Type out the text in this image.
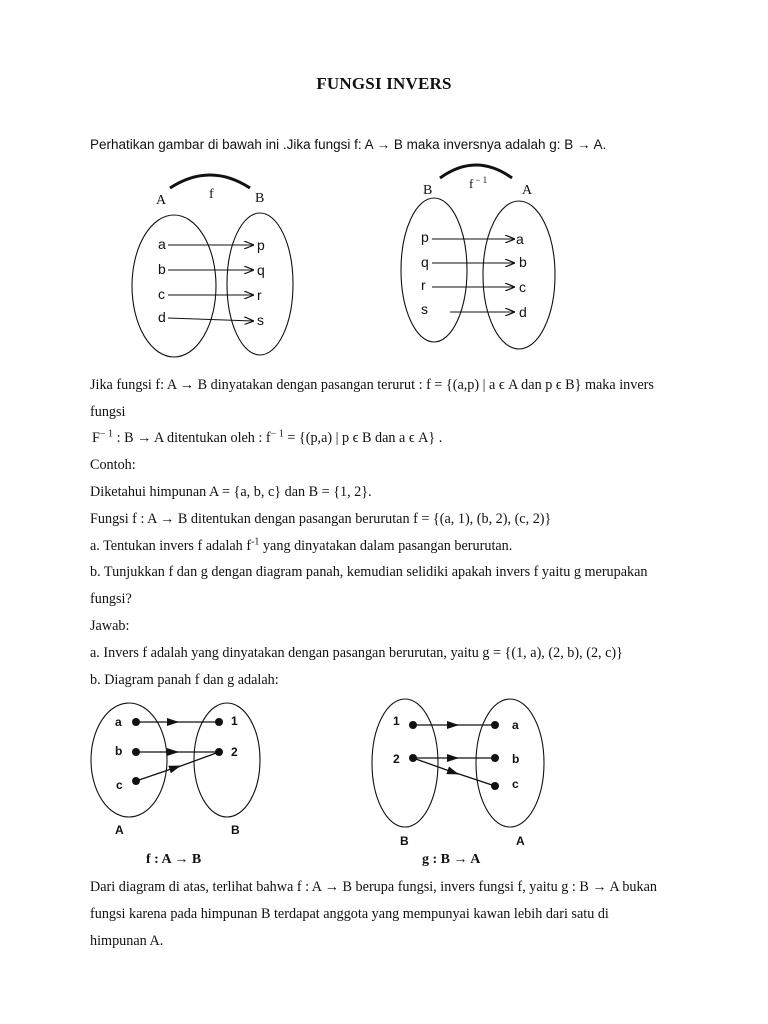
FUNGSI INVERS
Perhatikan gambar di bawah ini .Jika fungsi f: A → B maka inversnya adalah g: B → A.
A	f	B
a
b
c
d
p
q
r
s
B	f $^{- 1}$
A
p
q
r
s
a
b
c
d
a
b
c
1
2
A	B
1
2
a
b
c
B	A
Jika fungsi f: A → B dinyatakan dengan pasangan terurut : f = {(a,p) | a ϵ A dan p ϵ B} maka invers
fungsi
$F^{- 1}$ : B → A ditentukan oleh : $f^{- 1} = \{(p,a)$ | p ϵ B dan a ϵ A} .
Contoh:
Diketahui himpunan A = {a, b, c} dan B = {1, 2}.
Fungsi f : A → B ditentukan dengan pasangan berurutan f = {(a, 1), (b, 2), (c, 2)}
a. Tentukan invers f adalah $f^{-1}$ yang dinyatakan dalam pasangan berurutan.
b. Tunjukkan f dan g dengan diagram panah, kemudian selidiki apakah invers f yaitu g merupakan
fungsi?
Jawab:
a. Invers f adalah yang dinyatakan dengan pasangan berurutan, yaitu g = {(1, a), (2, b), (2, c)}
b. Diagram panah f dan g adalah:
f : A → B	g : B → A
Dari diagram di atas, terlihat bahwa f : A → B berupa fungsi, invers fungsi f, yaitu g : B → A bukan
fungsi karena pada himpunan B terdapat anggota yang mempunyai kawan lebih dari satu di
himpunan A.
